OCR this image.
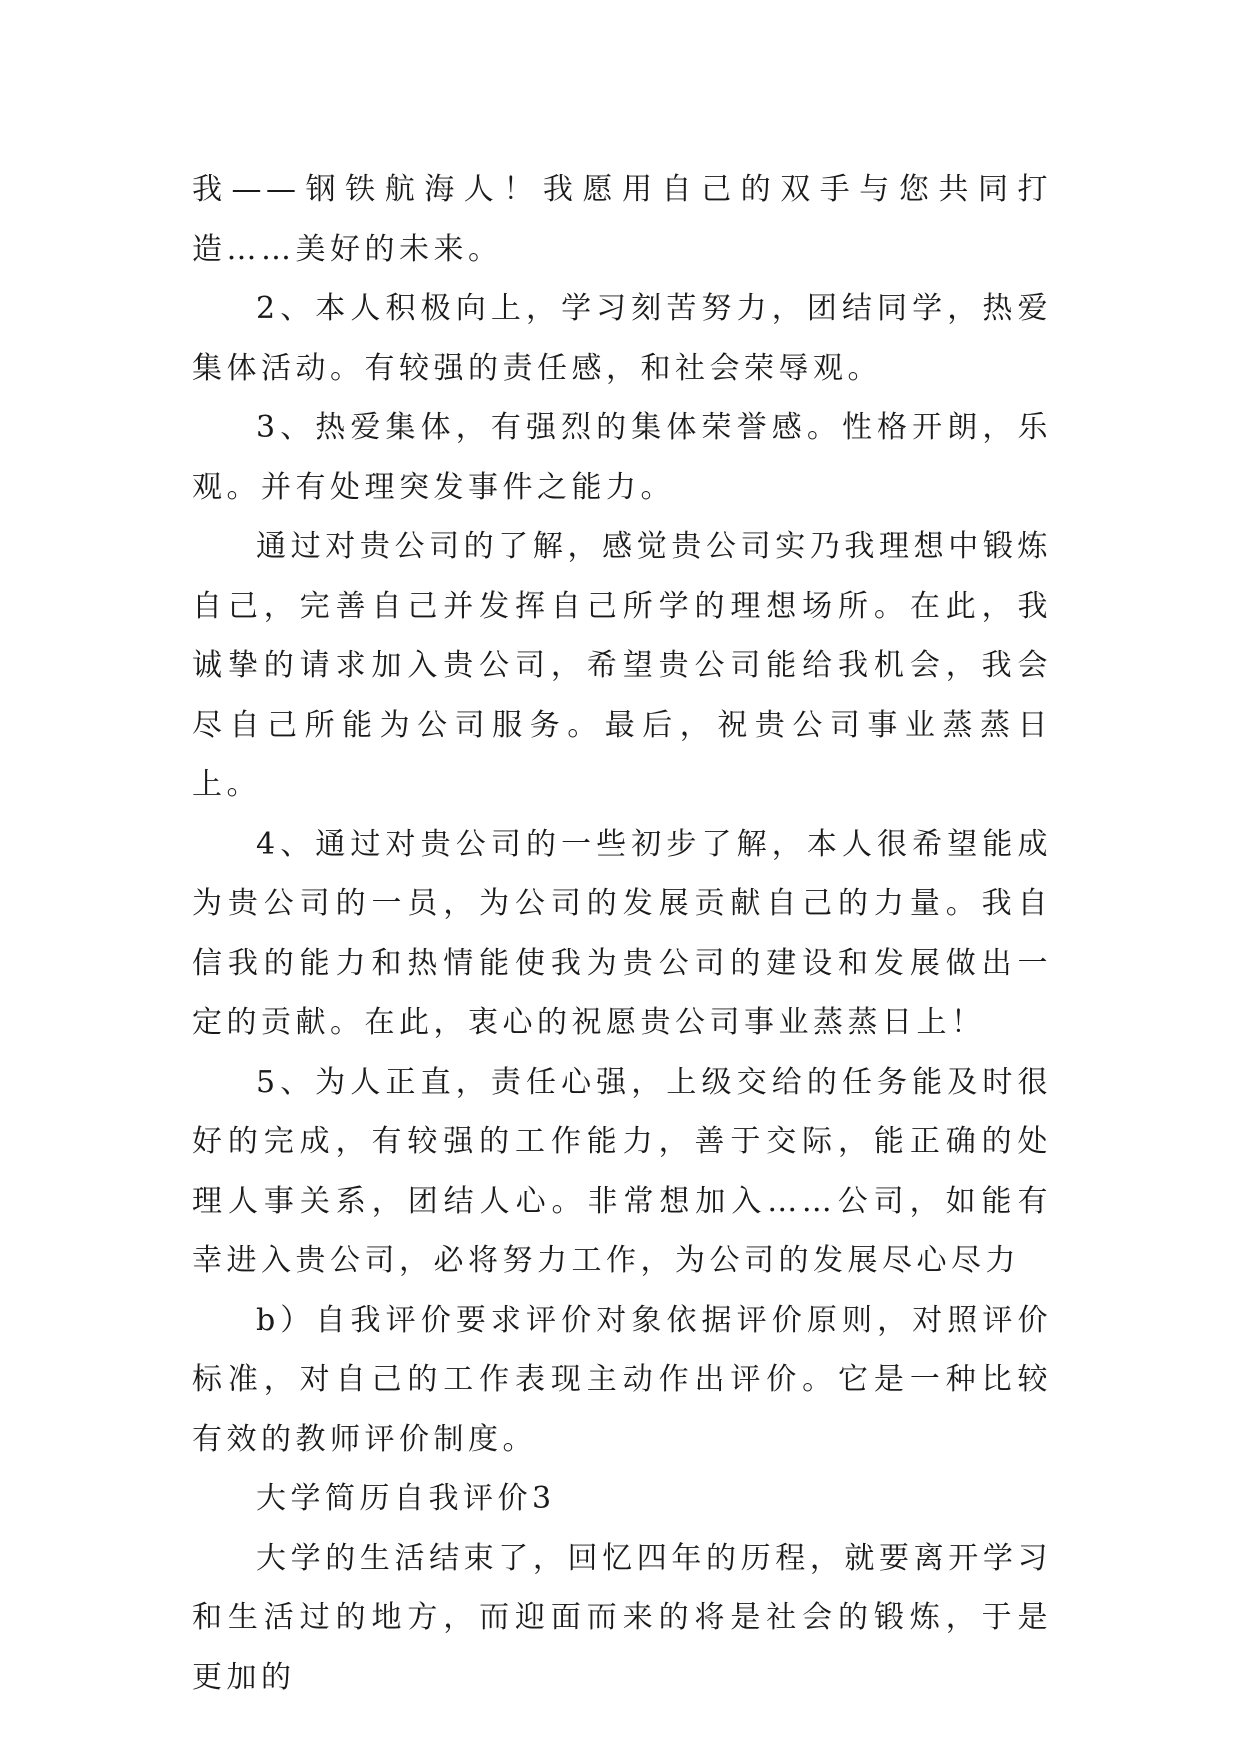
我——钢铁航海人！我愿用自己的双手与您共同打造……美好的未来。

2、本人积极向上，学习刻苦努力，团结同学，热爱集体活动。有较强的责任感，和社会荣辱观。

3、热爱集体，有强烈的集体荣誉感。性格开朗，乐观。并有处理突发事件之能力。

通过对贵公司的了解，感觉贵公司实乃我理想中锻炼自己，完善自己并发挥自己所学的理想场所。在此，我诚挚的请求加入贵公司，希望贵公司能给我机会，我会尽自己所能为公司服务。最后，祝贵公司事业蒸蒸日上。

4、通过对贵公司的一些初步了解，本人很希望能成为贵公司的一员，为公司的发展贡献自己的力量。我自信我的能力和热情能使我为贵公司的建设和发展做出一定的贡献。在此，衷心的祝愿贵公司事业蒸蒸日上！

5、为人正直，责任心强，上级交给的任务能及时很好的完成，有较强的工作能力，善于交际，能正确的处理人事关系，团结人心。非常想加入……公司，如能有幸进入贵公司，必将努力工作，为公司的发展尽心尽力

b）自我评价要求评价对象依据评价原则，对照评价标准，对自己的工作表现主动作出评价。它是一种比较有效的教师评价制度。

大学简历自我评价3

大学的生活结束了，回忆四年的历程，就要离开学习和生活过的地方，而迎面而来的将是社会的锻炼，于是更加的
